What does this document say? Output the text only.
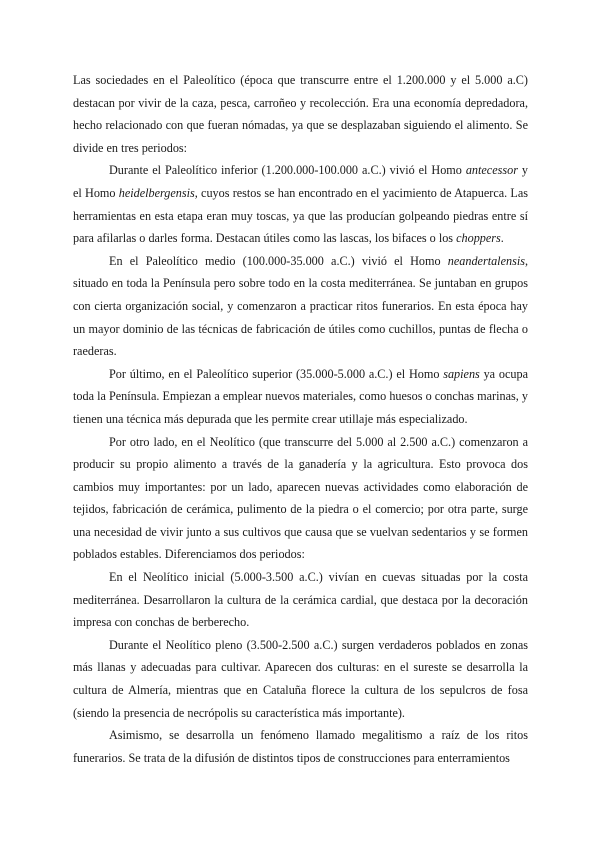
Las sociedades en el Paleolítico (época que transcurre entre el 1.200.000 y el 5.000 a.C) destacan por vivir de la caza, pesca, carroñeo y recolección. Era una economía depredadora, hecho relacionado con que fueran nómadas, ya que se desplazaban siguiendo el alimento. Se divide en tres periodos:

Durante el Paleolítico inferior (1.200.000-100.000 a.C.) vivió el Homo antecessor y el Homo heidelbergensis, cuyos restos se han encontrado en el yacimiento de Atapuerca. Las herramientas en esta etapa eran muy toscas, ya que las producían golpeando piedras entre sí para afilarlas o darles forma. Destacan útiles como las lascas, los bifaces o los choppers.

En el Paleolítico medio (100.000-35.000 a.C.) vivió el Homo neandertalensis, situado en toda la Península pero sobre todo en la costa mediterránea. Se juntaban en grupos con cierta organización social, y comenzaron a practicar ritos funerarios. En esta época hay un mayor dominio de las técnicas de fabricación de útiles como cuchillos, puntas de flecha o raederas.

Por último, en el Paleolítico superior (35.000-5.000 a.C.) el Homo sapiens ya ocupa toda la Península. Empiezan a emplear nuevos materiales, como huesos o conchas marinas, y tienen una técnica más depurada que les permite crear utillaje más especializado.

Por otro lado, en el Neolítico (que transcurre del 5.000 al 2.500 a.C.) comenzaron a producir su propio alimento a través de la ganadería y la agricultura. Esto provoca dos cambios muy importantes: por un lado, aparecen nuevas actividades como elaboración de tejidos, fabricación de cerámica, pulimento de la piedra o el comercio; por otra parte, surge una necesidad de vivir junto a sus cultivos que causa que se vuelvan sedentarios y se formen poblados estables. Diferenciamos dos periodos:

En el Neolítico inicial (5.000-3.500 a.C.) vivían en cuevas situadas por la costa mediterránea. Desarrollaron la cultura de la cerámica cardial, que destaca por la decoración impresa con conchas de berberecho.

Durante el Neolítico pleno (3.500-2.500 a.C.) surgen verdaderos poblados en zonas más llanas y adecuadas para cultivar. Aparecen dos culturas: en el sureste se desarrolla la cultura de Almería, mientras que en Cataluña florece la cultura de los sepulcros de fosa (siendo la presencia de necrópolis su característica más importante).

Asimismo, se desarrolla un fenómeno llamado megalitismo a raíz de los ritos funerarios. Se trata de la difusión de distintos tipos de construcciones para enterramientos
